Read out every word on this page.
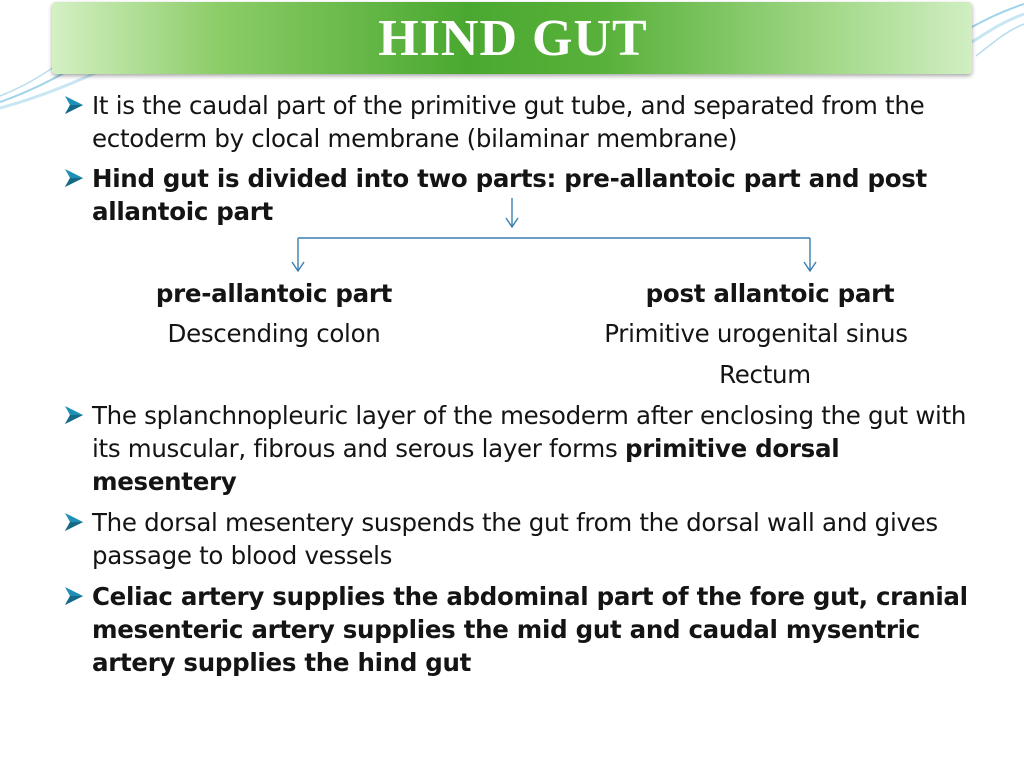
HIND GUT
It is the caudal part of the primitive gut tube, and separated from the ectoderm by clocal membrane (bilaminar membrane)
Hind gut is divided into two parts: pre-allantoic part and post allantoic part
pre-allantoic part
Descending colon
post allantoic part
Primitive urogenital sinus
Rectum
The splanchnopleuric layer of the mesoderm after enclosing the gut with its muscular, fibrous and serous layer forms primitive dorsal mesentery
The dorsal mesentery suspends the gut from the dorsal wall and gives passage to blood vessels
Celiac artery supplies the abdominal part of the fore gut, cranial mesenteric artery supplies the mid gut and caudal mysentric artery supplies the hind gut
